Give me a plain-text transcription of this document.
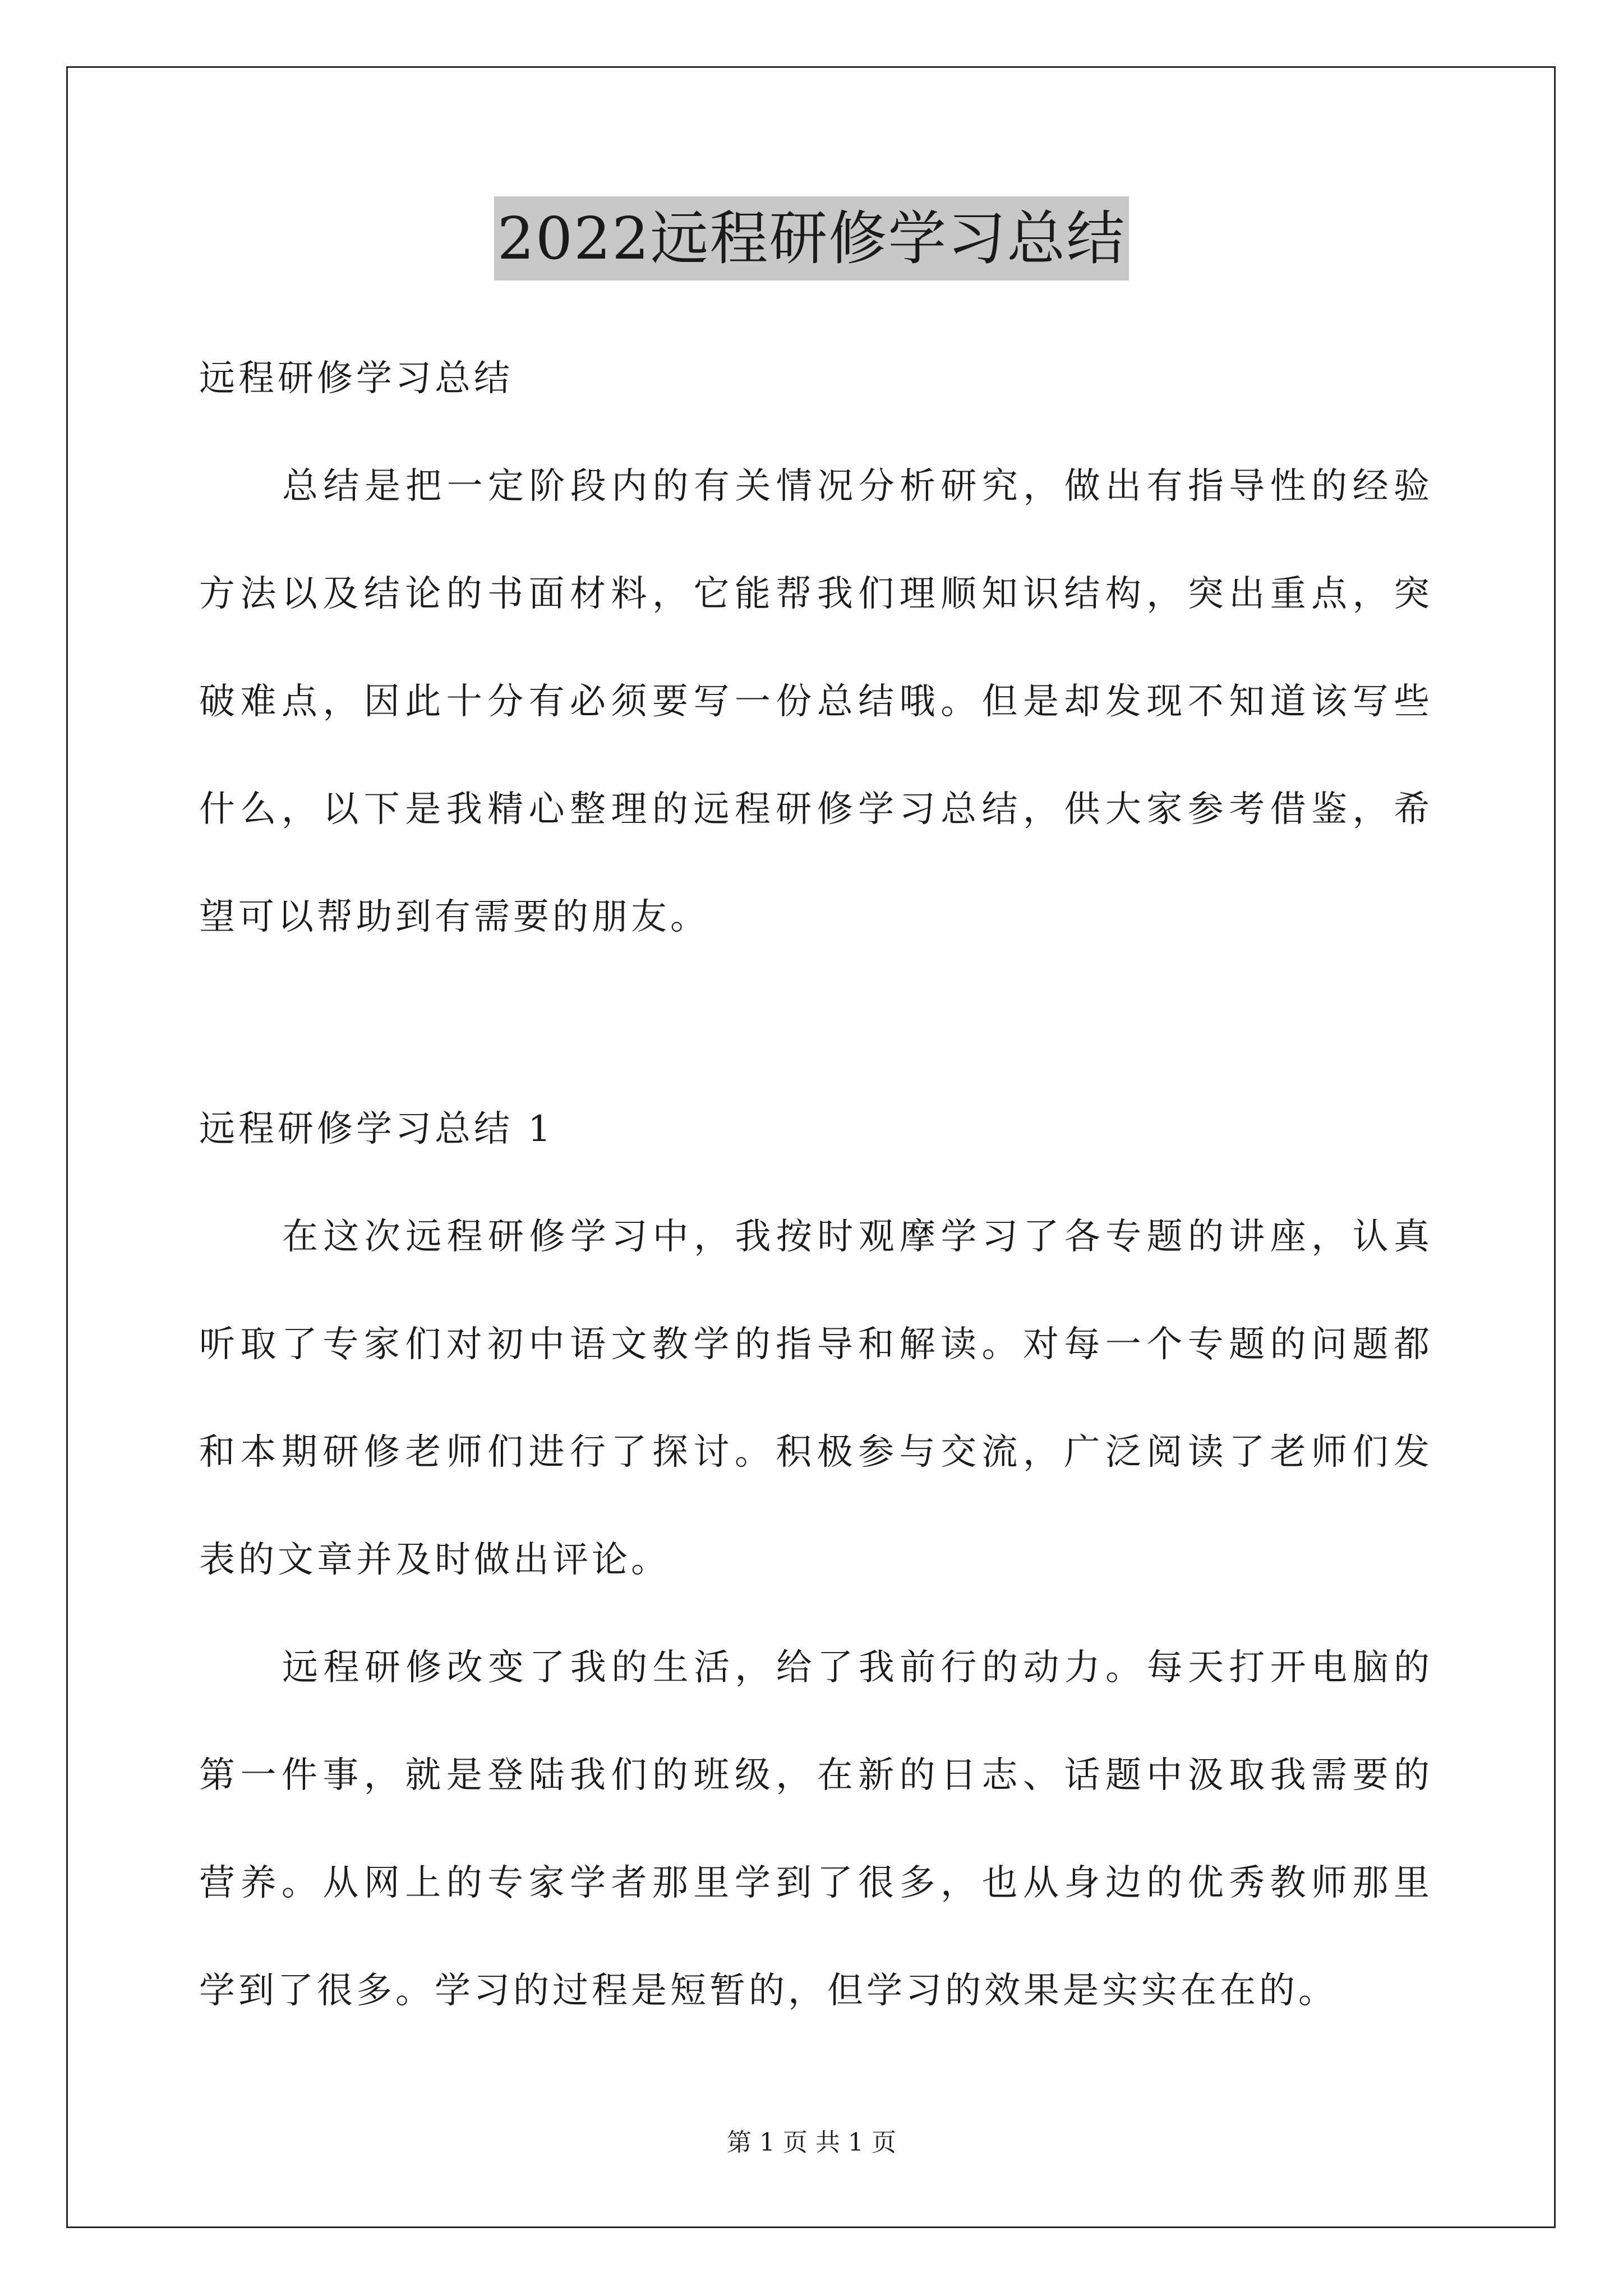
2022远程研修学习总结
远程研修学习总结
总结是把一定阶段内的有关情况分析研究，做出有指导性的经验
方法以及结论的书面材料，它能帮我们理顺知识结构，突出重点，突
破难点，因此十分有必须要写一份总结哦。但是却发现不知道该写些
什么，以下是我精心整理的远程研修学习总结，供大家参考借鉴，希
望可以帮助到有需要的朋友。
远程研修学习总结 1
在这次远程研修学习中，我按时观摩学习了各专题的讲座，认真
听取了专家们对初中语文教学的指导和解读。对每一个专题的问题都
和本期研修老师们进行了探讨。积极参与交流，广泛阅读了老师们发
表的文章并及时做出评论。
远程研修改变了我的生活，给了我前行的动力。每天打开电脑的
第一件事，就是登陆我们的班级，在新的日志、话题中汲取我需要的
营养。从网上的专家学者那里学到了很多，也从身边的优秀教师那里
学到了很多。学习的过程是短暂的，但学习的效果是实实在在的。
第 1 页 共 1 页
